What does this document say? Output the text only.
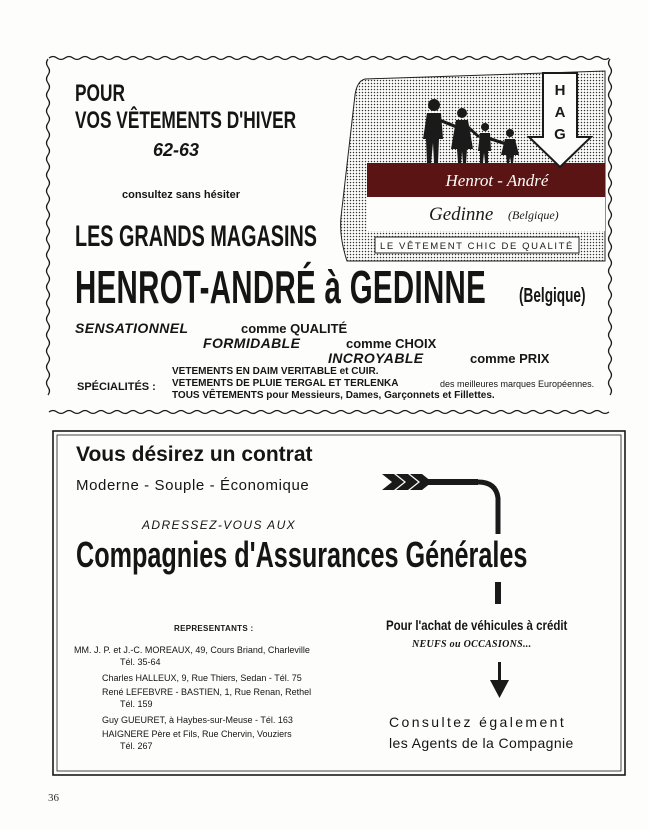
POUR
VOS VÊTEMENTS D'HIVER
62-63
consultez sans hésiter
LES GRANDS MAGASINS
HENROT-ANDRÉ à GEDINNE (Belgique)
SENSATIONNEL	comme QUALITÉ
FORMIDABLE	comme CHOIX
INCROYABLE	comme PRIX
SPÉCIALITÉS :
VETEMENTS EN DAIM VERITABLE et CUIR.
VETEMENTS DE PLUIE TERGAL ET TERLENKA	des meilleures marques Européennes.
TOUS VÊTEMENTS pour Messieurs, Dames, Garçonnets et Fillettes.
H
A
G
Henrot - André
Gedinne (Belgique)
LE VÊTEMENT CHIC DE QUALITÉ
Vous désirez un contrat
Moderne - Souple - Économique
ADRESSEZ-VOUS AUX
Compagnies d'Assurances Générales
REPRESENTANTS :
MM. J. P. et J.-C. MOREAUX, 49, Cours Briand, Charleville
Tél. 35-64
Charles HALLEUX, 9, Rue Thiers, Sedan - Tél. 75
René LEFEBVRE - BASTIEN, 1, Rue Renan, Rethel
Tél. 159
Guy GUEURET, à Haybes-sur-Meuse - Tél. 163
HAIGNERE Père et Fils, Rue Chervin, Vouziers
Tél. 267
Pour l'achat de véhicules à crédit
NEUFS ou OCCASIONS...
Consultez également
les Agents de la Compagnie
36
